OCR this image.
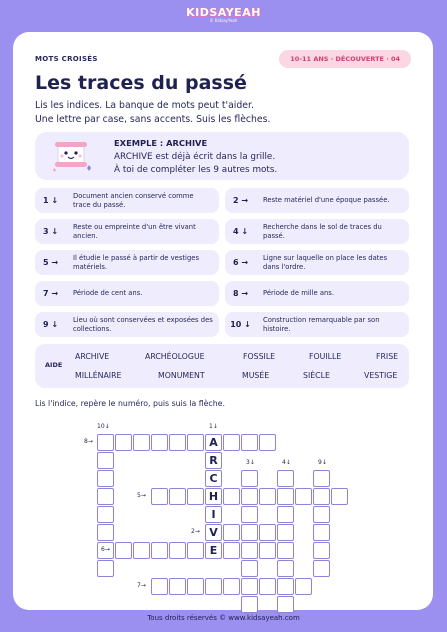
KIDSAYEAH
© KidsayYeah
MOTS CROISÉS	10-11 ANS · DÉCOUVERTE · 04
Les traces du passé
Lis les indices. La banque de mots peut t'aider.
Une lettre par case, sans accents. Suis les flèches.
EXEMPLE : ARCHIVE
ARCHIVE est déjà écrit dans la grille.
À toi de compléter les 9 autres mots.
1 ↓	Document ancien conservé comme trace du passé.	2 →	Reste matériel d'une époque passée.
3 ↓	Reste ou empreinte d'un être vivant ancien.	4 ↓	Recherche dans le sol de traces du passé.
5 →	Il étudie le passé à partir de vestiges matériels.	6 →	Ligne sur laquelle on place les dates dans l'ordre.
7 →	Période de cent ans.	8 →	Période de mille ans.
9 ↓	Lieu où sont conservées et exposées des collections.	10 ↓	Construction remarquable par son histoire.
AIDE
ARCHIVE	ARCHÉOLOGUE	FOSSILE	FOUILLE	FRISE
MILLÉNAIRE	MONUMENT	MUSÉE	SIÈCLE	VESTIGE
Lis l'indice, repère le numéro, puis suis la flèche.
A
R
C
H
I
V
E
10↓	1↓
8→
3↓	4↓	9↓
5→
2→
6→
7→
Tous droits réservés © www.kidsayeah.com
